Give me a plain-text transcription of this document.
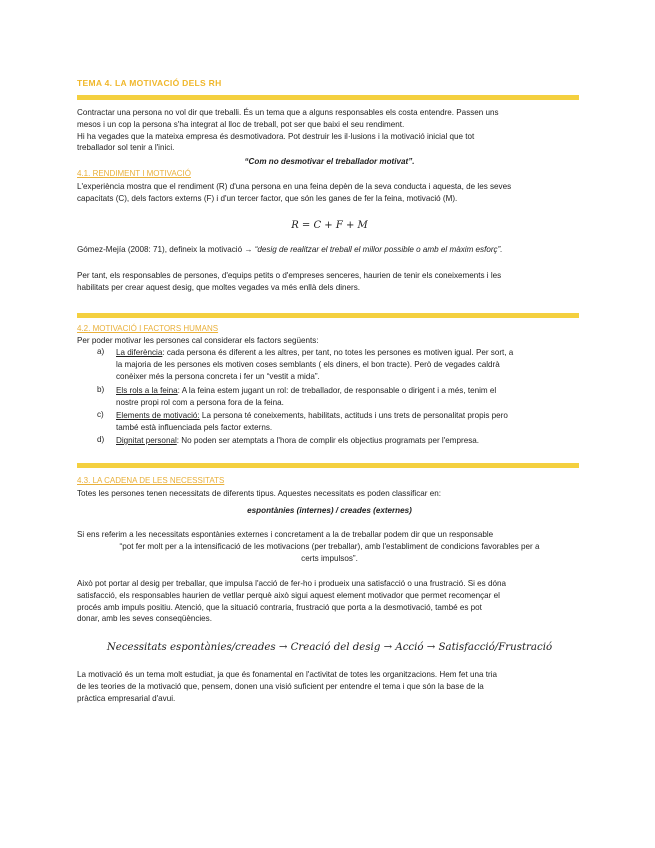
TEMA 4. LA MOTIVACIÓ DELS RH
Contractar una persona no vol dir que treballi. És un tema que a alguns responsables els costa entendre. Passen uns
mesos i un cop la persona s'ha integrat al lloc de treball, pot ser que baixi el seu rendiment.
Hi ha vegades que la mateixa empresa és desmotivadora. Pot destruir les il·lusions i la motivació inicial que tot
treballador sol tenir a l'inici.
“Com no desmotivar el treballador motivat”.
4.1. RENDIMENT I MOTIVACIÓ
L'experiència mostra que el rendiment (R) d'una persona en una feina depèn de la seva conducta i aquesta, de les seves
capacitats (C), dels factors externs (F) i d'un tercer factor, que són les ganes de fer la feina, motivació (M).
R = C + F + M
Gómez-Mejía (2008: 71), defineix la motivació → “desig de realitzar el treball el millor possible o amb el màxim esforç”.
Per tant, els responsables de persones, d'equips petits o d'empreses senceres, haurien de tenir els coneixements i les
habilitats per crear aquest desig, que moltes vegades va més enllà dels diners.
4.2. MOTIVACIÓ I FACTORS HUMANS
Per poder motivar les persones cal considerar els factors següents:
a) La diferència: cada persona és diferent a les altres, per tant, no totes les persones es motiven igual. Per sort, a
la majoria de les persones els motiven coses semblants ( els diners, el bon tracte). Però de vegades caldrà
conèixer més la persona concreta i fer un “vestit a mida”.
b) Els rols a la feina: A la feina estem jugant un rol: de treballador, de responsable o dirigent i a més, tenim el
nostre propi rol com a persona fora de la feina.
c) Elements de motivació: La persona té coneixements, habilitats, actituds i uns trets de personalitat propis pero
també està influenciada pels factor externs.
d) Dignitat personal: No poden ser atemptats a l'hora de complir els objectius programats per l'empresa.
4.3. LA CADENA DE LES NECESSITATS
Totes les persones tenen necessitats de diferents tipus. Aquestes necessitats es poden classificar en:
espontànies (internes) / creades (externes)
Si ens referim a les necessitats espontànies externes i concretament a la de treballar podem dir que un responsable
“pot fer molt per a la intensificació de les motivacions (per treballar), amb l'establiment de condicions favorables per a
certs impulsos”.
Això pot portar al desig per treballar, que impulsa l'acció de fer-ho i produeix una satisfacció o una frustració. Si es dóna
satisfacció, els responsables haurien de vetllar perquè això sigui aquest element motivador que permet recomençar el
procés amb impuls positiu. Atenció, que la situació contraria, frustració que porta a la desmotivació, també es pot
donar, amb les seves conseqüències.
Necessitats espontànies/creades → Creació del desig → Acció → Satisfacció/Frustració
La motivació és un tema molt estudiat, ja que és fonamental en l'activitat de totes les organitzacions. Hem fet una tria
de les teories de la motivació que, pensem, donen una visió suficient per entendre el tema i que són la base de la
pràctica empresarial d'avui.
